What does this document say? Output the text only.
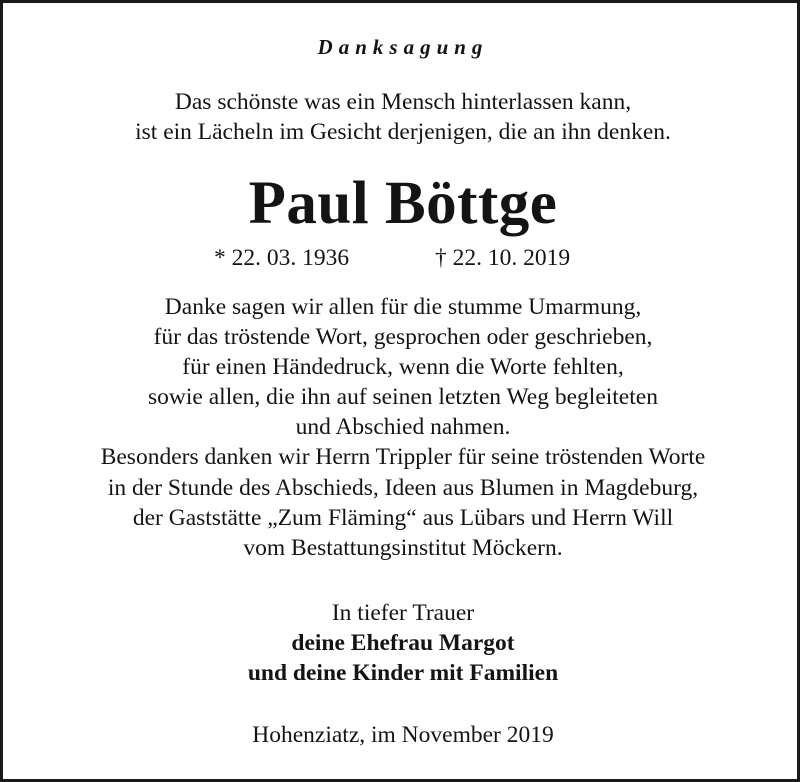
Danksagung
Das schönste was ein Mensch hinterlassen kann,
ist ein Lächeln im Gesicht derjenigen, die an ihn denken.
Paul Böttge
* 22. 03. 1936	† 22. 10. 2019
Danke sagen wir allen für die stumme Umarmung,
für das tröstende Wort, gesprochen oder geschrieben,
für einen Händedruck, wenn die Worte fehlten,
sowie allen, die ihn auf seinen letzten Weg begleiteten
und Abschied nahmen.
Besonders danken wir Herrn Trippler für seine tröstenden Worte
in der Stunde des Abschieds, Ideen aus Blumen in Magdeburg,
der Gaststätte „Zum Fläming“ aus Lübars und Herrn Will
vom Bestattungsinstitut Möckern.
In tiefer Trauer
deine Ehefrau Margot
und deine Kinder mit Familien
Hohenziatz, im November 2019
